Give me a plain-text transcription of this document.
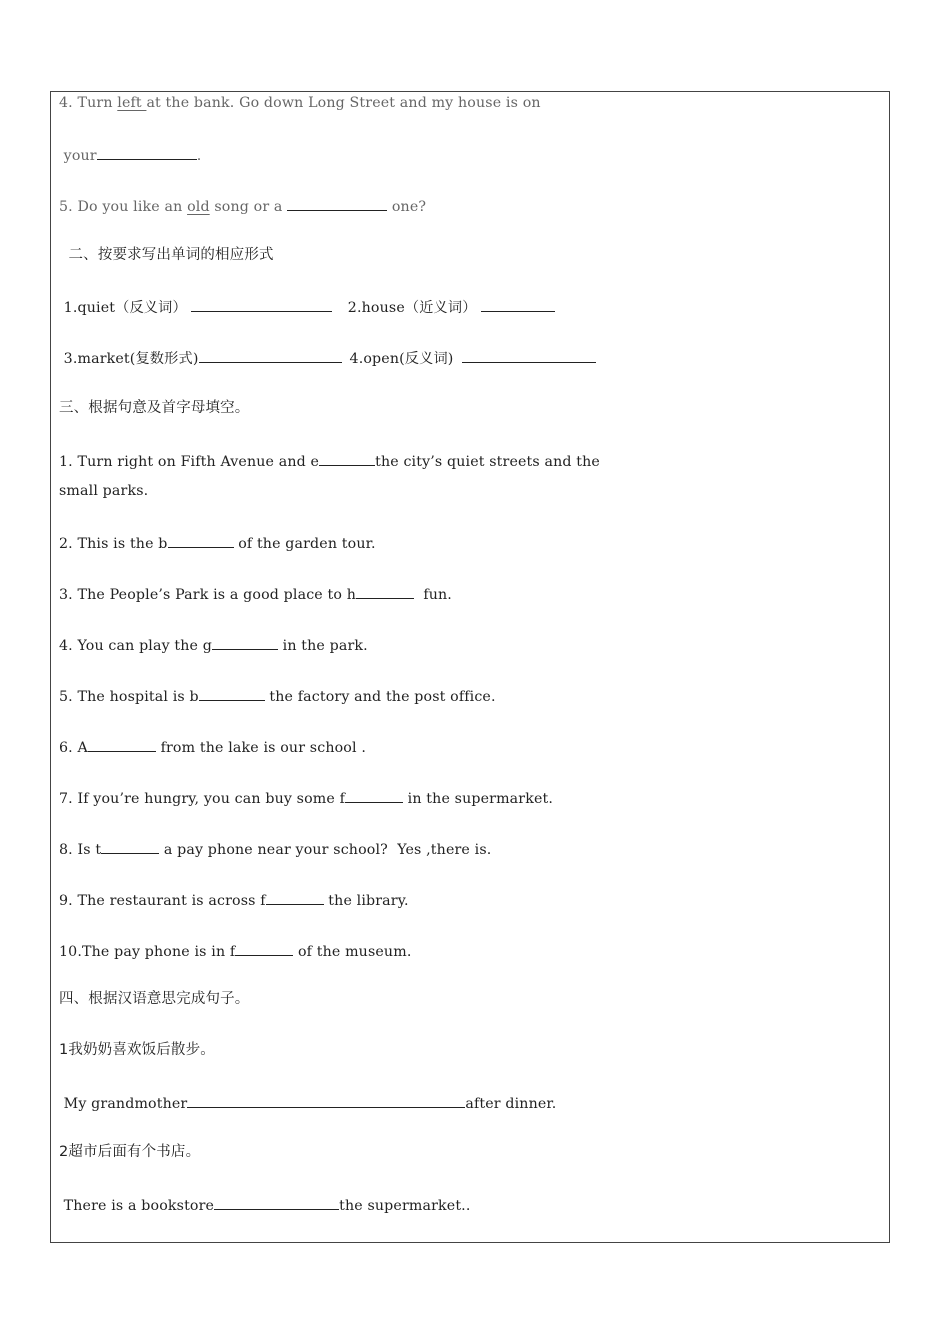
4. Turn left at the bank. Go down Long Street and my house is on
your	.
5. Do you like an old song or a	one?
二、按要求写出单词的相应形式
1.quiet（反义词）	2.house（近义词）
3.market(复数形式)	4.open(反义词)
三、根据句意及首字母填空。
1. Turn right on Fifth Avenue and e	the city’s quiet streets and the
small parks.
2. This is the b	of the garden tour.
3. The People’s Park is a good place to h	fun.
4. You can play the g	in the park.
5. The hospital is b	the factory and the post office.
6. A	from the lake is our school .
7. If you’re hungry, you can buy some f	in the supermarket.
8. Is t	a pay phone near your school?  Yes ,there is.
9. The restaurant is across f	the library.
10.The pay phone is in f	of the museum.
四、根据汉语意思完成句子。
1我奶奶喜欢饭后散步。
My grandmother	after dinner.
2超市后面有个书店。
There is a bookstore	the supermarket..
